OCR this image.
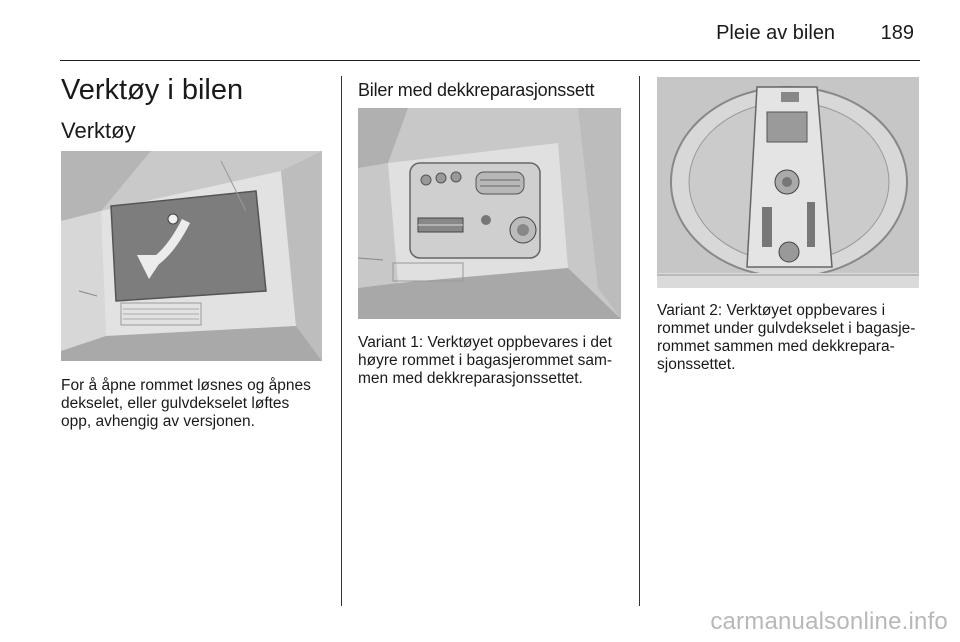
Pleie av bilen 189
Verktøy i bilen
Verktøy
For å åpne rommet løsnes og åpnes
dekselet, eller gulvdekselet løftes
opp, avhengig av versjonen.
Biler med dekkreparasjonssett
Variant 1: Verktøyet oppbevares i det
høyre rommet i bagasjerommet sam-
men med dekkreparasjonssettet.
Variant 2: Verktøyet oppbevares i
rommet under gulvdekselet i bagasje-
rommet sammen med dekkrepara-
sjonssettet.
carmanualsonline.info
